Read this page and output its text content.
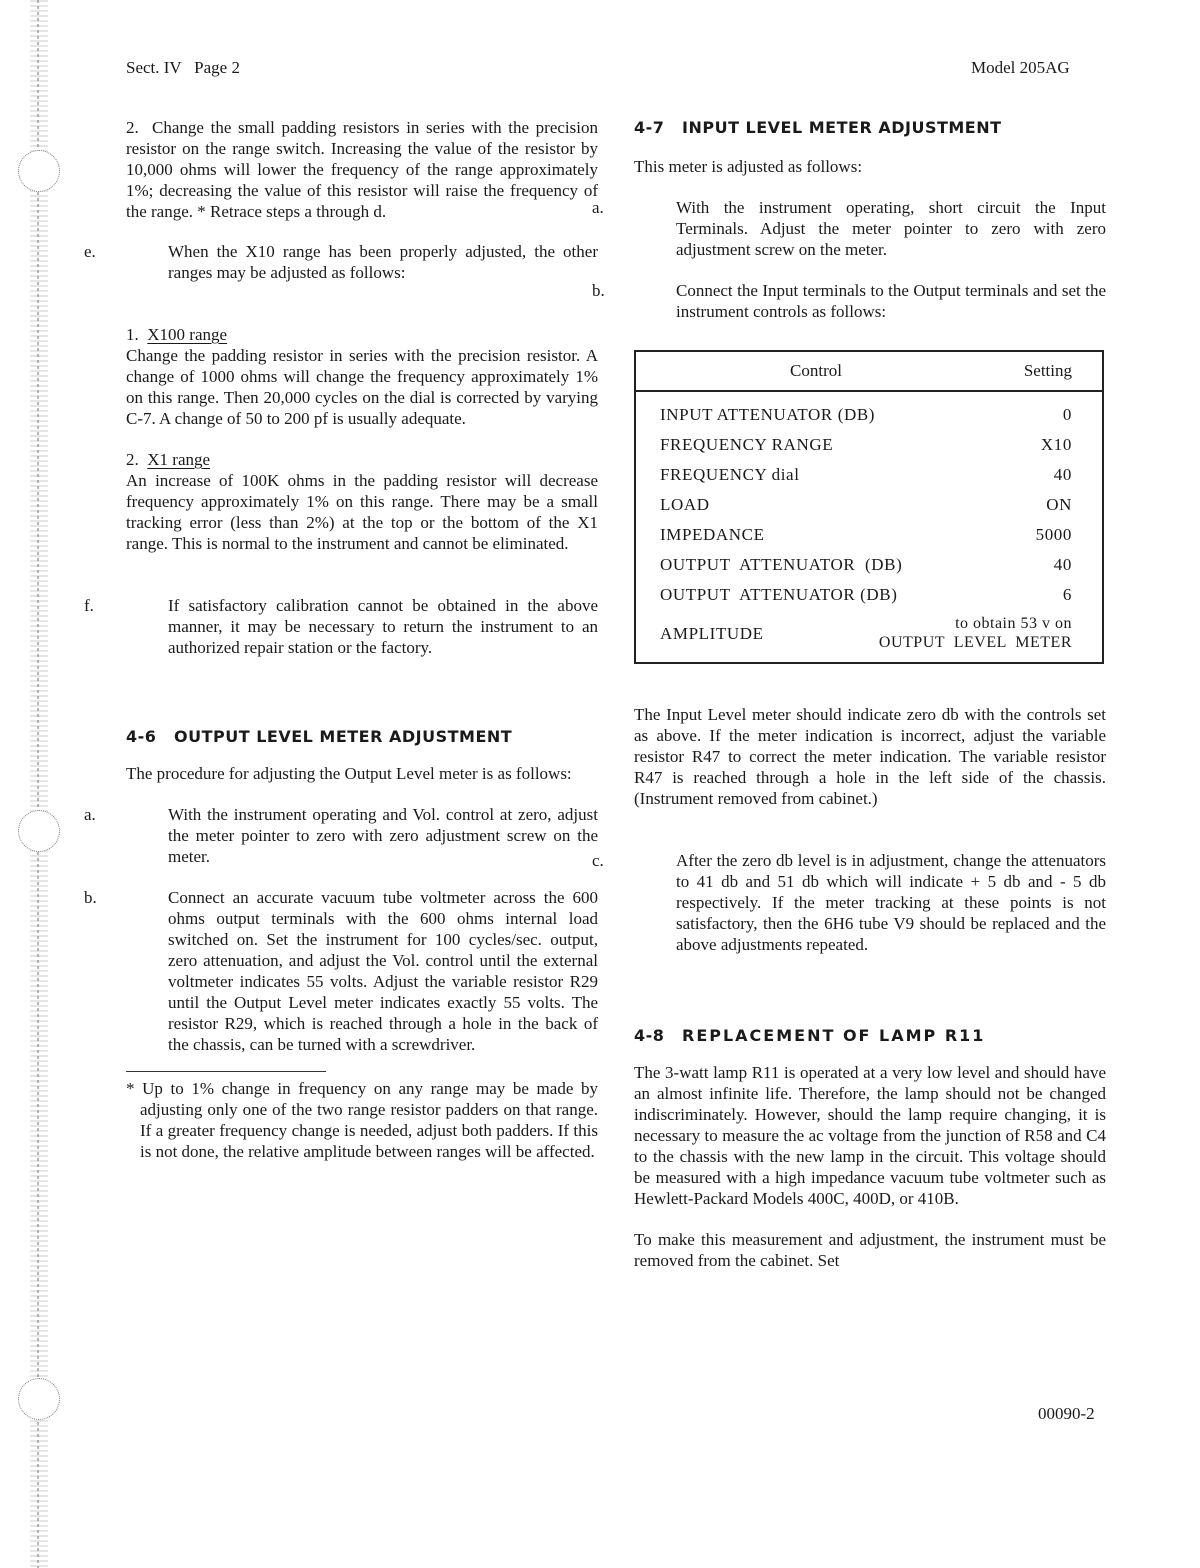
Sect. IV   Page 2	Model 205AG

2. Change the small padding resistors in series with the precision resistor on the range switch. Increasing the value of the resistor by 10,000 ohms will lower the frequency of the range approximately 1%; decreasing the value of this resistor will raise the frequency of the range. * Retrace steps a through d.

e.	When the X10 range has been properly adjusted, the other ranges may be adjusted as follows:

1. X100 range

Change the padding resistor in series with the precision resistor. A change of 1000 ohms will change the frequency approximately 1% on this range. Then 20,000 cycles on the dial is corrected by varying C-7. A change of 50 to 200 pf is usually adequate.

2. X1 range

An increase of 100K ohms in the padding resistor will decrease frequency approximately 1% on this range. There may be a small tracking error (less than 2%) at the top or the bottom of the X1 range. This is normal to the instrument and cannot be eliminated.

f.	If satisfactory calibration cannot be obtained in the above manner, it may be necessary to return the instrument to an authorized repair station or the factory.

4-6 OUTPUT LEVEL METER ADJUSTMENT

The procedure for adjusting the Output Level meter is as follows:

a.	With the instrument operating and Vol. control at zero, adjust the meter pointer to zero with zero adjustment screw on the meter.

b.	Connect an accurate vacuum tube voltmeter across the 600 ohms output terminals with the 600 ohms internal load switched on. Set the instrument for 100 cycles/sec. output, zero attenuation, and adjust the Vol. control until the external voltmeter indicates 55 volts. Adjust the variable resistor R29 until the Output Level meter indicates exactly 55 volts. The resistor R29, which is reached through a hole in the back of the chassis, can be turned with a screwdriver.

* Up to 1% change in frequency on any range may be made by adjusting only one of the two range resistor padders on that range. If a greater frequency change is needed, adjust both padders. If this is not done, the relative amplitude between ranges will be affected.

4-7 INPUT LEVEL METER ADJUSTMENT

This meter is adjusted as follows:

a.	With the instrument operating, short circuit the Input Terminals. Adjust the meter pointer to zero with zero adjustment screw on the meter.

b.	Connect the Input terminals to the Output terminals and set the instrument controls as follows:

Control	Setting
INPUT ATTENUATOR (DB)	0
FREQUENCY RANGE	X10
FREQUENCY dial	40
LOAD	ON
IMPEDANCE	5000
OUTPUT  ATTENUATOR  (DB)	40
OUTPUT  ATTENUATOR (DB)	6

AMPLITUDE to obtain 53 v on
OUTPUT  LEVEL  METER	

The Input Level meter should indicate zero db with the controls set as above. If the meter indication is incorrect, adjust the variable resistor R47 to correct the meter indication. The variable resistor R47 is reached through a hole in the left side of the chassis. (Instrument removed from cabinet.)

c.	After the zero db level is in adjustment, change the attenuators to 41 db and 51 db which will indicate + 5 db and - 5 db respectively. If the meter tracking at these points is not satisfactory, then the 6H6 tube V9 should be replaced and the above adjustments repeated.

4-8 REPLACEMENT OF LAMP R11

The 3-watt lamp R11 is operated at a very low level and should have an almost infinite life. Therefore, the lamp should not be changed indiscriminately. However, should the lamp require changing, it is necessary to measure the ac voltage from the junction of R58 and C4 to the chassis with the new lamp in the circuit. This voltage should be measured with a high impedance vacuum tube voltmeter such as Hewlett-Packard Models 400C, 400D, or 410B.

To make this measurement and adjustment, the instrument must be removed from the cabinet. Set

00090-2
